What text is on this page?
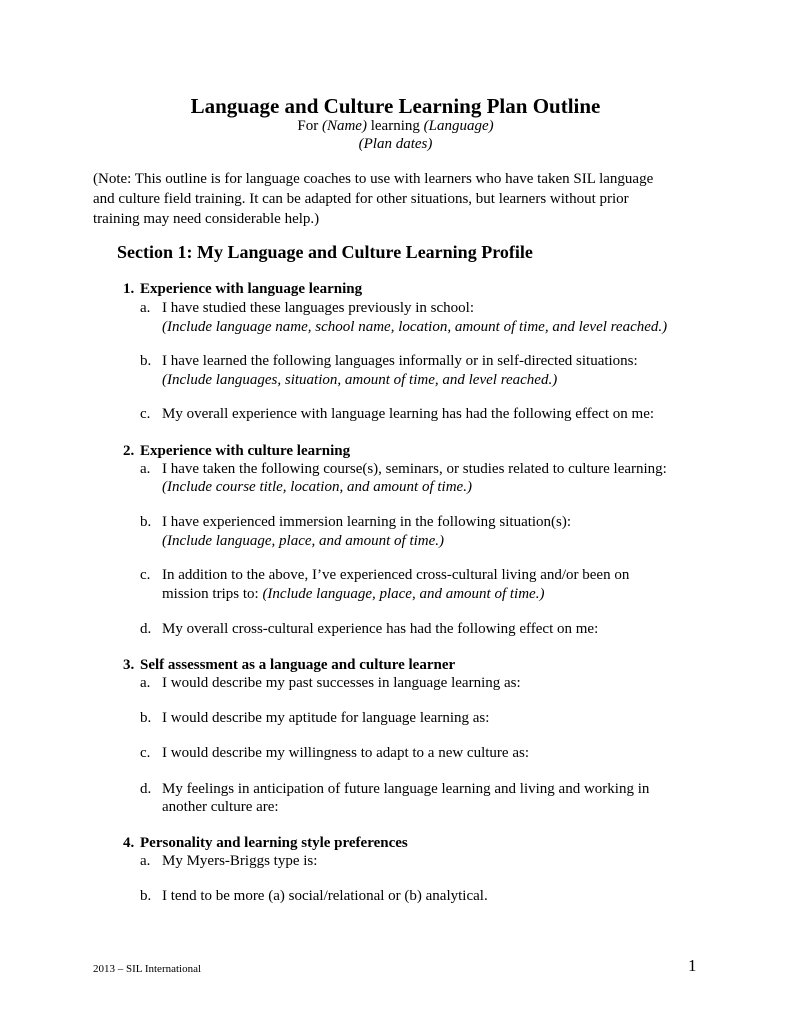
Language and Culture Learning Plan Outline
For (Name) learning (Language)
(Plan dates)

(Note: This outline is for language coaches to use with learners who have taken SIL language

and culture field training. It can be adapted for other situations, but learners without prior

training may need considerable help.)

Section 1: My Language and Culture Learning Profile
1. Experience with language learning
a. I have studied these languages previously in school:
(Include language name, school name, location, amount of time, and level reached.)
b. I have learned the following languages informally or in self-directed situations:
(Include languages, situation, amount of time, and level reached.)
c. My overall experience with language learning has had the following effect on me:
2. Experience with culture learning
a. I have taken the following course(s), seminars, or studies related to culture learning:
(Include course title, location, and amount of time.)
b. I have experienced immersion learning in the following situation(s):
(Include language, place, and amount of time.)
c. In addition to the above, I’ve experienced cross-cultural living and/or been on
mission trips to: (Include language, place, and amount of time.)
d. My overall cross-cultural experience has had the following effect on me:
3. Self assessment as a language and culture learner
a. I would describe my past successes in language learning as:
b. I would describe my aptitude for language learning as:
c. I would describe my willingness to adapt to a new culture as:
d. My feelings in anticipation of future language learning and living and working in
another culture are:
4. Personality and learning style preferences
a. My Myers-Briggs type is:
b. I tend to be more (a) social/relational or (b) analytical.
2013 – SIL International	1
